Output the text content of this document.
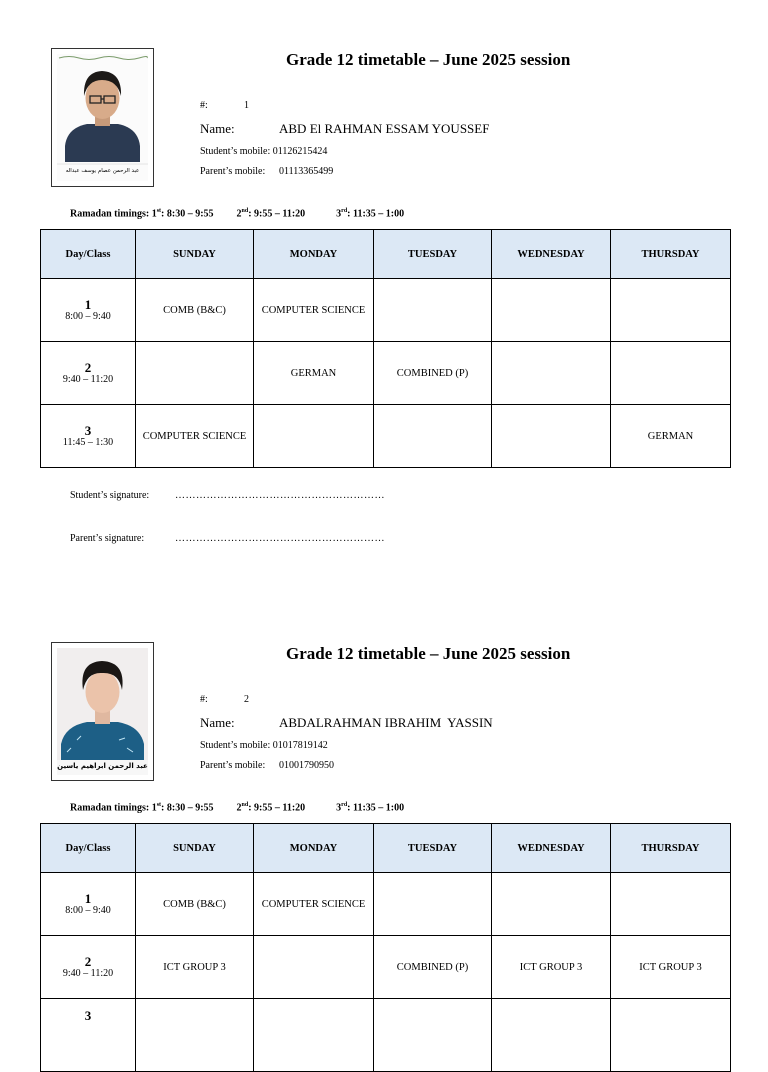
عبد الرحمن عصام يوسف عبداله
Grade 12 timetable – June 2025 session
#:	1
Name:	ABD El RAHMAN ESSAM YOUSSEF
Student’s mobile: 01126215424
Parent’s mobile: 01113365499
Ramadan timings: 1st: 8:30 – 9:55 2nd: 9:55 – 11:20	3rd: 11:35 – 1:00
Day/Class	SUNDAY	MONDAY	TUESDAY	WEDNESDAY	THURSDAY

1
8:00 – 9:40	COMB (B&C)	COMPUTER SCIENCE			

2
9:40 – 11:20		GERMAN	COMBINED (P)		

3
11:45 – 1:30	COMPUTER SCIENCE				GERMAN
Student’s signature:	……………………………………………………
Parent’s signature:	……………………………………………………
عبد الرحمن ابراهيم ياسين
Grade 12 timetable – June 2025 session
#:	2
Name:	ABDALRAHMAN IBRAHIM  YASSIN
Student’s mobile: 01017819142
Parent’s mobile: 01001790950
Ramadan timings: 1st: 8:30 – 9:55 2nd: 9:55 – 11:20	3rd: 11:35 – 1:00
Day/Class	SUNDAY	MONDAY	TUESDAY	WEDNESDAY	THURSDAY

1
8:00 – 9:40	COMB (B&C)	COMPUTER SCIENCE			

2
9:40 – 11:20	ICT GROUP 3		COMBINED (P)	ICT GROUP 3	ICT GROUP 3

3					
